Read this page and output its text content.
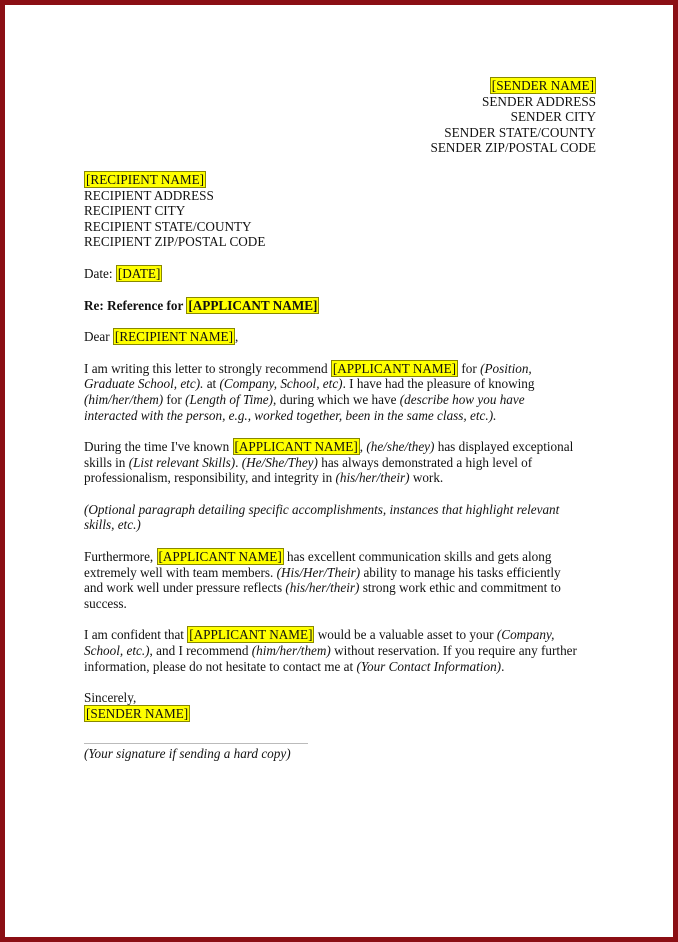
[SENDER NAME]
SENDER ADDRESS
SENDER CITY
SENDER STATE/COUNTY
SENDER ZIP/POSTAL CODE
[RECIPIENT NAME]
RECIPIENT ADDRESS
RECIPIENT CITY
RECIPIENT STATE/COUNTY
RECIPIENT ZIP/POSTAL CODE

Date: [DATE]

Re: Reference for [APPLICANT NAME]

Dear [RECIPIENT NAME] ,

I am writing this letter to strongly recommend [APPLICANT NAME] for (Position,
Graduate School, etc). at (Company, School, etc). I have had the pleasure of knowing
(him/her/them) for (Length of Time), during which we have (describe how you have
interacted with the person, e.g., worked together, been in the same class, etc.).
During the time I've known [APPLICANT NAME] , (he/she/they) has displayed exceptional
skills in (List relevant Skills). (He/She/They) has always demonstrated a high level of
professionalism, responsibility, and integrity in (his/her/their) work.
(Optional paragraph detailing specific accomplishments, instances that highlight relevant
skills, etc.)
Furthermore, [APPLICANT NAME] has excellent communication skills and gets along
extremely well with team members. (His/Her/Their) ability to manage his tasks efficiently
and work well under pressure reflects (his/her/their) strong work ethic and commitment to
success.
I am confident that [APPLICANT NAME] would be a valuable asset to your (Company,
School, etc.), and I recommend (him/her/them) without reservation. If you require any further
information, please do not hesitate to contact me at (Your Contact Information).
Sincerely,
[SENDER NAME]
(Your signature if sending a hard copy)
